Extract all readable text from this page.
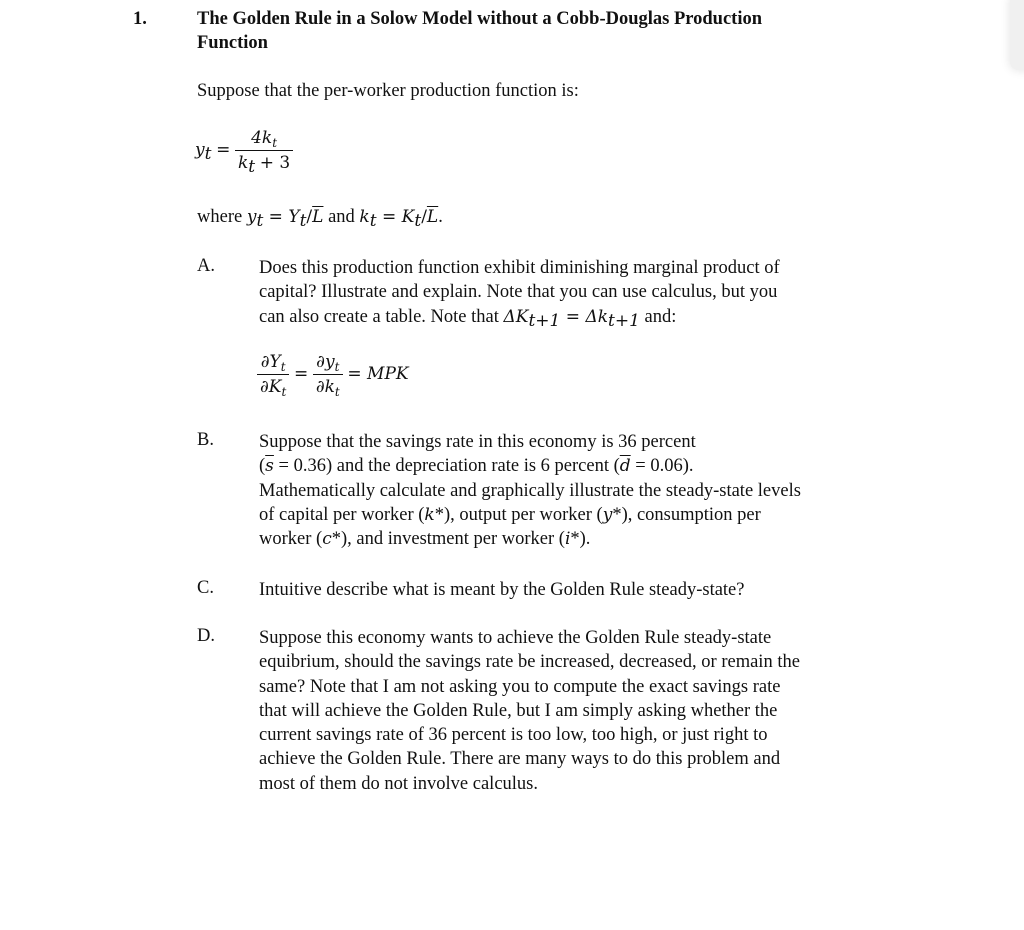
1.	The Golden Rule in a Solow Model without a Cobb-Douglas Production
Function
Suppose that the per-worker production function is:
$y_t = \frac{4k_t}{k_t + 3}$
where $y_t = Y_t/\overline{L}$ and $k_t = K_t/\overline{L}$.
A. Does this production function exhibit diminishing marginal product of
capital? Illustrate and explain. Note that you can use calculus, but you
can also create a table. Note that $\Delta K_{t+1} = \Delta k_{t+1}$ and:
$\frac{\partial Y_t}{\partial K_t} = \frac{\partial y_t}{\partial k_t}$ = MPK
B. Suppose that the savings rate in this economy is 36 percent
$(\overline{s} = 0.36)$ and the depreciation rate is 6 percent $(\overline{d} = 0.06)$.
Mathematically calculate and graphically illustrate the steady-state levels
of capital per worker (k*), output per worker (y*), consumption per
worker (c*), and investment per worker (i*).
C. Intuitive describe what is meant by the Golden Rule steady-state?
D. Suppose this economy wants to achieve the Golden Rule steady-state
equibrium, should the savings rate be increased, decreased, or remain the
same? Note that I am not asking you to compute the exact savings rate
that will achieve the Golden Rule, but I am simply asking whether the
current savings rate of 36 percent is too low, too high, or just right to
achieve the Golden Rule. There are many ways to do this problem and
most of them do not involve calculus.
